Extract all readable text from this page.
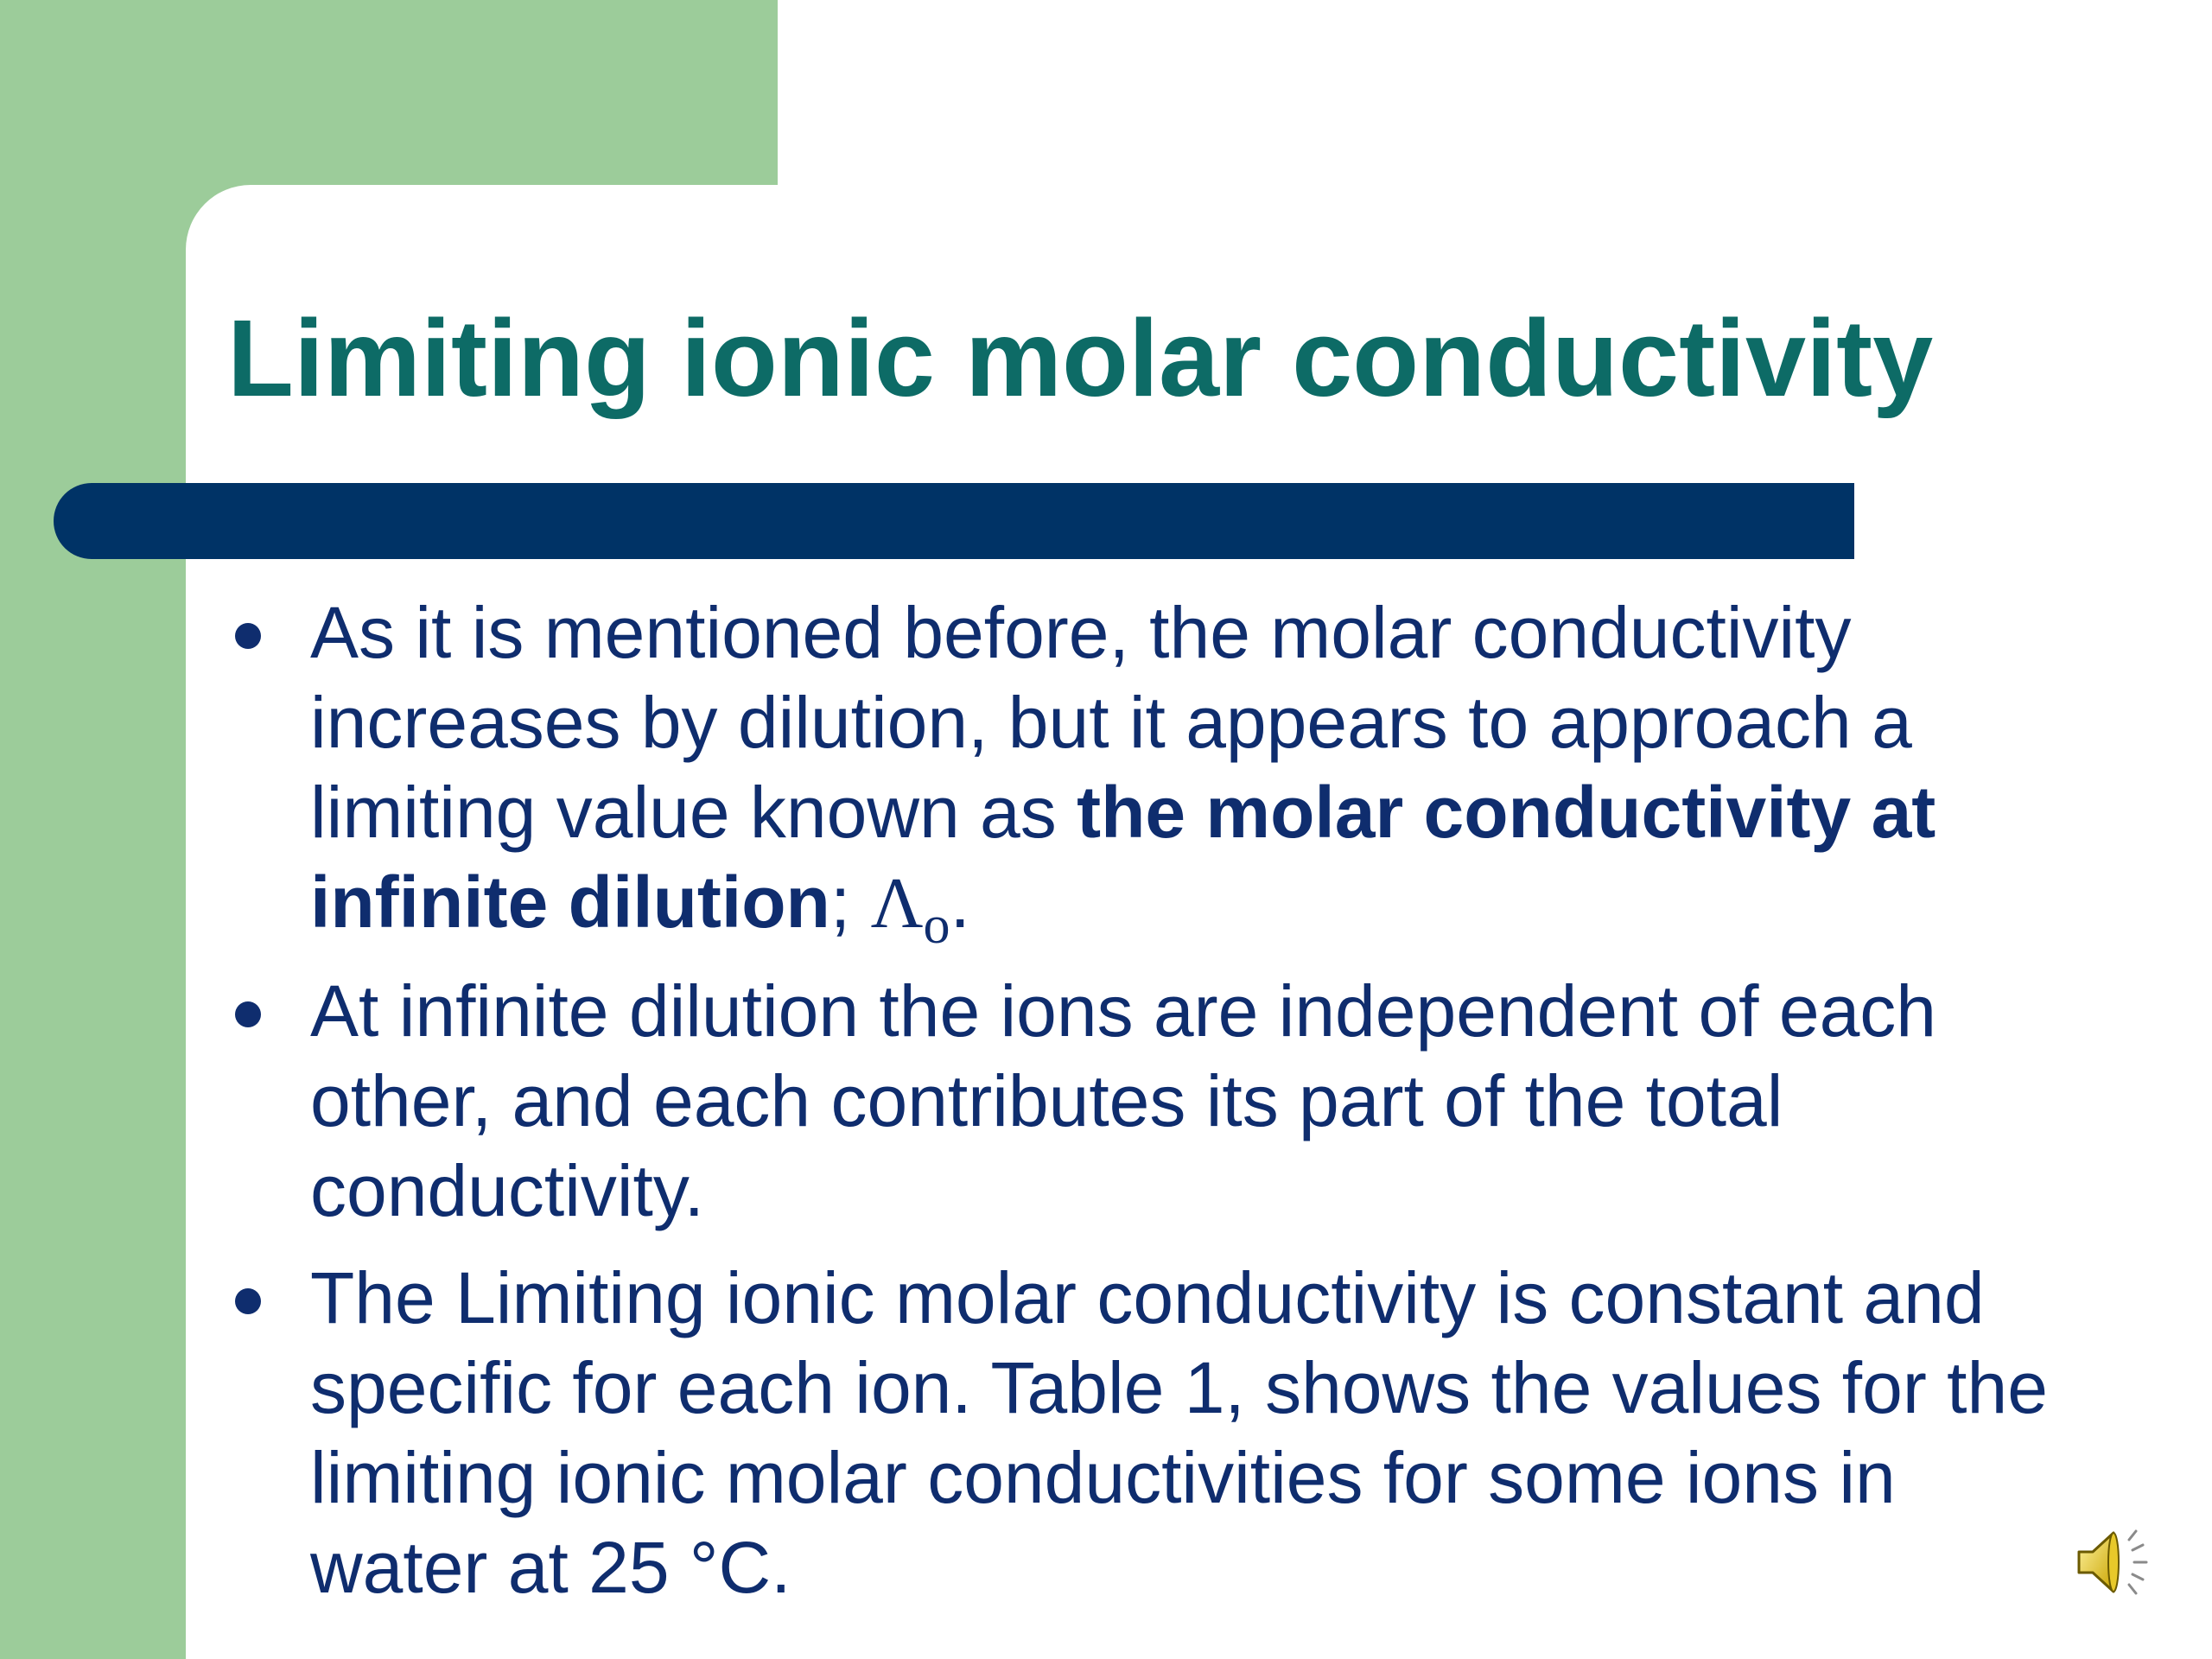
Limiting ionic molar conductivity
As it is mentioned before, the molar conductivity increases by dilution, but it appears to approach a limiting value known as the molar conductivity at infinite dilution; $\Lambda_o$.
At infinite dilution the ions are independent of each other, and each contributes its part of the total conductivity.
The Limiting ionic molar conductivity is constant and specific for each ion. Table 1, shows the values for the limiting ionic molar conductivities for some ions in water at 25 °C.
